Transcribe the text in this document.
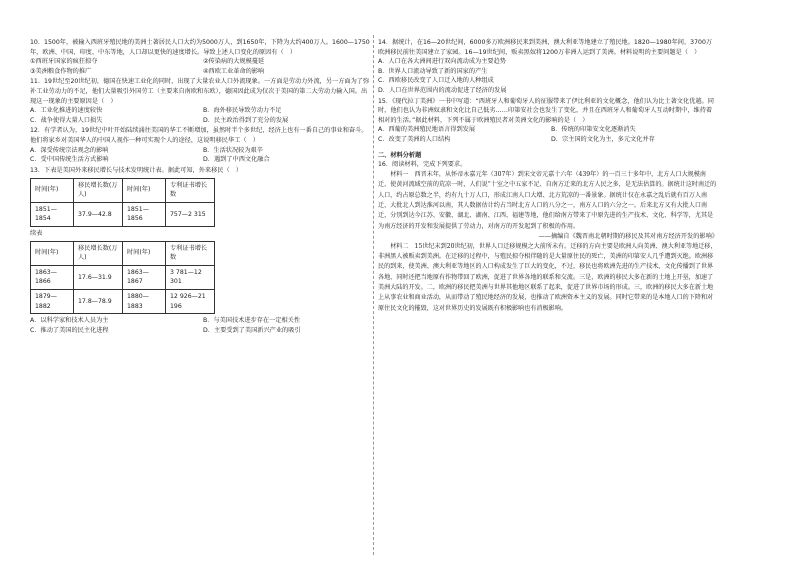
10．1500年，被输入西班牙殖民地的美洲土著居民人口大约为5000万人，到1650年，下降为大约400万人。1600—1750年，欧洲、中国、印度、中东等地，人口却以更快的速度增长。导致上述人口变化的原因有（　）

①西班牙国家的疯狂掠夺	②传染病的大规模蔓延
③美洲粮食作物的推广	④西欧工业革命的影响

11．19世纪至20世纪初，德国在快速工业化的同时，出现了大量农业人口外流现象。一方面是劳动力外流，另一方面为了弥补工业劳动力的不足，他们大量吸引外国劳工（主要来自南欧和东欧），德国因此成为仅次于美国的第二大劳动力输入国。出现这一现象的主要原因是（　）

A．工业化推进的速度较快	B．海外移民导致劳动力不足
C．战争使得大量人口损失	D．民主政治得到了充分的发展

12．有学者认为，19世纪中叶开始陆续涌往美国的华工不断增加，虽然时半个多世纪，经济上也有一番自己的事业和奋斗。他们将家乡对美国华人的中国人视作一种可实现个人的途径，这说明移民华工（　）

A．深受传统宗法观念的影响	B．生活状况较为艰辛
C．受中国传统生活方式影响	D．遇到了中西文化融合

13．下表是美国外来移民增长与技术发明统计表。据此可知，外来移民（　）

时间(年)	移民增长数(万人)	时间(年)	专利证书增长数
1851—1854	37.9—42.8	1851—1856	757—2 315

续表

时间(年)	移民增长数(万人)	时间(年)	专利证书增长数
1863—1866	17.6—31.9	1863—1867	3 781—12 301
1879—1882	17.8—78.9	1880—1883	12 926—21 196
A．以科学家和技术人员为主	B．与美国技术进步存在一定相关性
C．推动了美国的民主化进程	D．主要受到了美国新兴产业的吸引

14．据统计，在16—20世纪间，6000多万欧洲移民来到美洲，澳大利亚等地建立了殖民地。1820—1980年间，3700万欧洲移民前往美国建立了家园。16—19世纪间，贩卖黑奴将1200万非洲人运到了美洲。材料说明的主要问题是（　）

A．人口在各大洲间进行双向流动成为主要趋势

B．世界人口流动导致了新的国家的产生

C．西欧移民改变了人口迁入地的人种组成

D．人口在世界范围内的流动促进了经济的发展

15．《现代拉丁美洲》一书中写道：“西班牙人和葡萄牙人的征服带来了伊比利亚的文化概念，他们认为比土著文化优越。同时，他们也认为非洲奴隶和文化比自己低劣……印第安社会也发生了变化，并且在西班牙人和葡萄牙人互动时期中，维持着相对的生活。”据此材料，下列不属于欧洲殖民者对美洲文化的影响的是（　）

A．西葡的美洲殖民地语言得到发展	B．传统的印第安文化逐渐消失
C．改变了美洲的人口结构	D．宗主国的文化为主，多元文化并存

二、材料分析题

16．阅读材料，完成下列要求。

材料一　西晋末年，从怀帝永嘉元年（307年）到宋文帝元嘉十六年（439年）的一百三十多年中，北方人口大规模南迁，使黄河流域空前的荒凉一时，人们说“十室之中五家不足、自南方迁来的北方人民之多，是无法估算的。据统计这时南迁的人口，约占原总数之半，约有九十万人口，形成江南人口大增、北方荒凉的一番景象。据统计仅在永嘉之乱后就有百万人南迁，大批北人到达淮河以南，其人数据估计约占当时北方人口的八分之一，南方人口的六分之一。后来北方又有大批人口南迁，分别到达今江苏、安徽、湖北、湖南、江西、福建等地，他们给南方带来了中原先进的生产技术、文化、科学等，尤其是为南方经济的开发和发展提供了劳动力，对南方的开发起到了积极的作用。

——摘编自《魏晋南北朝时期的移民及其对南方经济开发的影响》

材料二　15世纪末到20世纪初，世界人口迁移规模之大前所未有。迁移的方向主要是欧洲人向美洲、澳大利亚等地迁移，非洲黑人被贩卖到美洲。在迁移的过程中，与殖民掠夺相伴随的是大量原住民的死亡，美洲的印第安人几乎遭到灭绝。欧洲移民的到来，使美洲、澳大利亚等地区的人口构成发生了巨大的变化，不过，移民也将欧洲先进的生产技术、文化传播到了世界各地，同时还把当地原有作物带回了欧洲，促进了世界各地的联系和交流。三是，欧洲的移民大多在新的土地上开垦，加速了美洲大陆的开发。二，欧洲的移民把美洲与世界其他地区联系了起来，促进了世界市场的形成。三，欧洲的移民大多在新土地上从事农业和商业活动，从而带动了殖民地经济的发展，也推动了欧洲资本主义的发展。同时它带来的是本地人口的下降和对原住民文化的摧毁，这对世界历史的发展既有积极影响也有消极影响。
